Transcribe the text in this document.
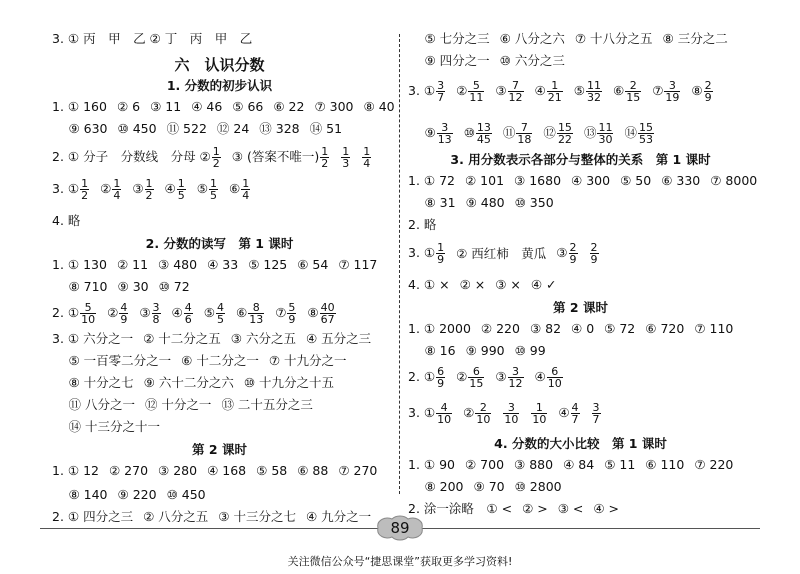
3. ① 丙　甲　乙 ② 丁　丙　甲　乙
六　认识分数
1. 分数的初步认识
1. ① 160 ② 6 ③ 11 ④ 46 ⑤ 66 ⑥ 22 ⑦ 300 ⑧ 40
　 ⑨ 630 ⑩ 450 ⑪ 522 ⑫ 24 ⑬ 328 ⑭ 51
2. ① 分子　分数线　分母 ② $\frac{1}{2}$ ③ (答案不唯一) $\frac{1}{2} \frac{1}{3} \frac{1}{4}$
3. ① $\frac{1}{2}$ ② $\frac{1}{4}$ ③ $\frac{1}{2}$ ④ $\frac{1}{5}$ ⑤ $\frac{1}{5}$ ⑥ $\frac{1}{4}$
4. 略
2. 分数的读写　第 1 课时
1. ① 130 ② 11 ③ 480 ④ 33 ⑤ 125 ⑥ 54 ⑦ 117
　 ⑧ 710 ⑨ 30 ⑩ 72
2. ① $\frac{5}{10}$ ② $\frac{4}{9}$ ③ $\frac{3}{8}$ ④ $\frac{4}{6}$ ⑤ $\frac{4}{5}$ ⑥ $\frac{8}{13}$ ⑦ $\frac{5}{9}$ ⑧ $\frac{40}{67}$
3. ① 六分之一 ② 十二分之五 ③ 六分之五 ④ 五分之三
　 ⑤ 一百零二分之一 ⑥ 十二分之一 ⑦ 十九分之一
　 ⑧ 十分之七 ⑨ 六十二分之六 ⑩ 十九分之十五
　 ⑪ 八分之一 ⑫ 十分之一 ⑬ 二十五分之三
　 ⑭ 十三分之十一
第 2 课时
1. ① 12 ② 270 ③ 280 ④ 168 ⑤ 58 ⑥ 88 ⑦ 270
　 ⑧ 140 ⑨ 220 ⑩ 450
2. ① 四分之三 ② 八分之五 ③ 十三分之七 ④ 九分之一
　 ⑤ 七分之三 ⑥ 八分之六 ⑦ 十八分之五 ⑧ 三分之二
　 ⑨ 四分之一 ⑩ 六分之三
3. ① $\frac{3}{7}$ ② $\frac{5}{11}$ ③ $\frac{7}{12}$ ④ $\frac{1}{21}$ ⑤ $\frac{11}{32}$ ⑥ $\frac{2}{15}$ ⑦ $\frac{3}{19}$ ⑧ $\frac{2}{9}$
　 ⑨ $\frac{3}{13}$ ⑩ $\frac{13}{45}$ ⑪ $\frac{7}{18}$ ⑫ $\frac{15}{22}$ ⑬ $\frac{11}{30}$ ⑭ $\frac{15}{53}$
3. 用分数表示各部分与整体的关系　第 1 课时
1. ① 72 ② 101 ③ 1680 ④ 300 ⑤ 50 ⑥ 330 ⑦ 8000
　 ⑧ 31 ⑨ 480 ⑩ 350
2. 略
3. ① $\frac{1}{9}$ ② 西红柿　黄瓜 ③ $\frac{2}{9} \frac{2}{9}$
4. ① × ② × ③ × ④ ✓
第 2 课时
1. ① 2000 ② 220 ③ 82 ④ 0 ⑤ 72 ⑥ 720 ⑦ 110
　 ⑧ 16 ⑨ 990 ⑩ 99
2. ① $\frac{6}{9}$ ② $\frac{6}{15}$ ③ $\frac{3}{12}$ ④ $\frac{6}{10}$
3. ① $\frac{4}{10}$ ② $\frac{2}{10} \frac{3}{10} \frac{1}{10}$ ④ $\frac{4}{7} \frac{3}{7}$
4. 分数的大小比较　第 1 课时
1. ① 90 ② 700 ③ 880 ④ 84 ⑤ 11 ⑥ 110 ⑦ 220
　 ⑧ 200 ⑨ 70 ⑩ 2800
2. 涂一涂略　① < ② > ③ < ④ >
89
关注微信公众号“捷思课堂”获取更多学习资料!
